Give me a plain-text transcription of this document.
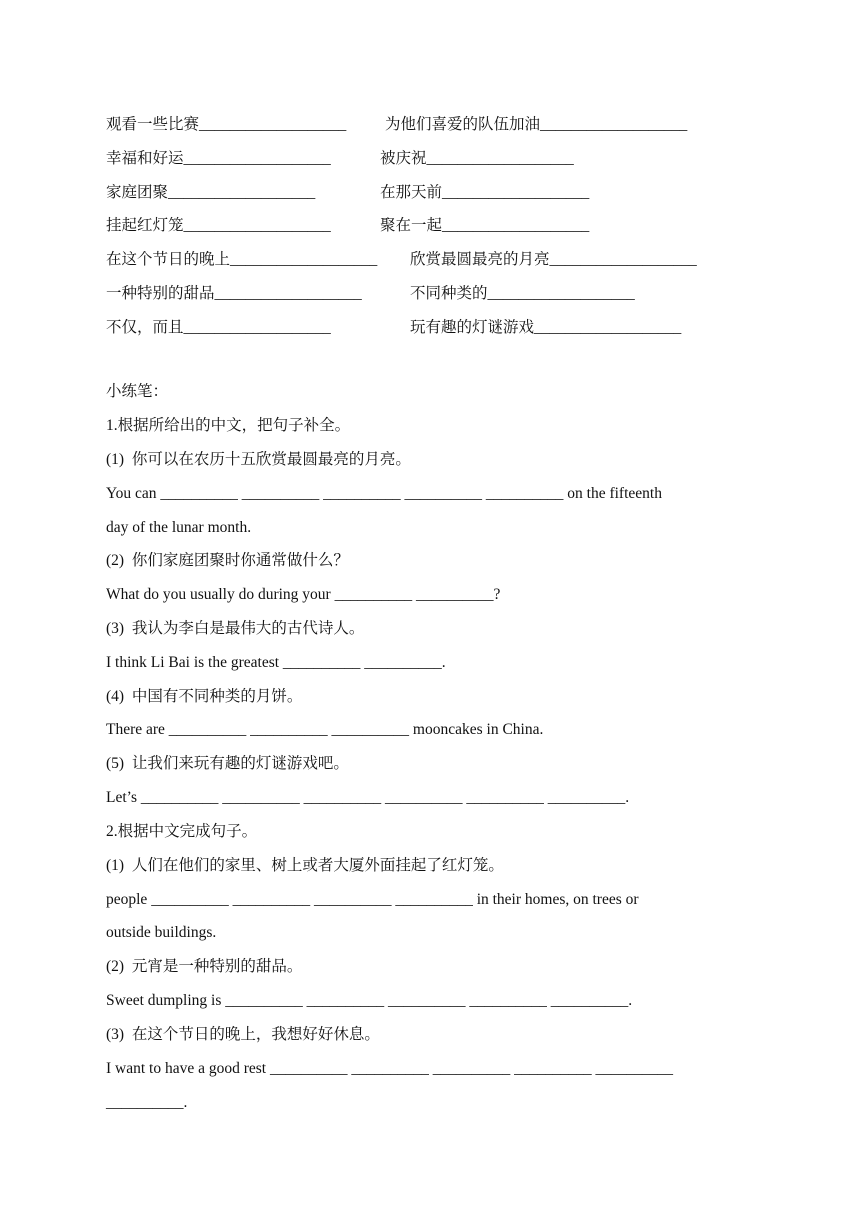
观看一些比赛___________________ 为他们喜爱的队伍加油___________________
幸福和好运___________________	被庆祝___________________
家庭团聚___________________	在那天前___________________
挂起红灯笼___________________	聚在一起___________________
在这个节日的晚上___________________ 欣赏最圆最亮的月亮___________________
一种特别的甜品___________________	不同种类的___________________
不仅，而且___________________	玩有趣的灯谜游戏___________________
小练笔：
1.根据所给出的中文，把句子补全。
(1)  你可以在农历十五欣赏最圆最亮的月亮。
You can __________ __________ __________ __________ __________ on the fifteenth
day of the lunar month.
(2)  你们家庭团聚时你通常做什么？
What do you usually do during your __________ __________?
(3)  我认为李白是最伟大的古代诗人。
I think Li Bai is the greatest __________ __________.
(4)  中国有不同种类的月饼。
There are __________ __________ __________ mooncakes in China.
(5)  让我们来玩有趣的灯谜游戏吧。
Let’s __________ __________ __________ __________ __________ __________.
2.根据中文完成句子。
(1)  人们在他们的家里、树上或者大厦外面挂起了红灯笼。
people __________ __________ __________ __________ in their homes, on trees or
outside buildings.
(2)  元宵是一种特别的甜品。
Sweet dumpling is __________ __________ __________ __________ __________.
(3)  在这个节日的晚上，我想好好休息。
I want to have a good rest __________ __________ __________ __________ __________
__________.
